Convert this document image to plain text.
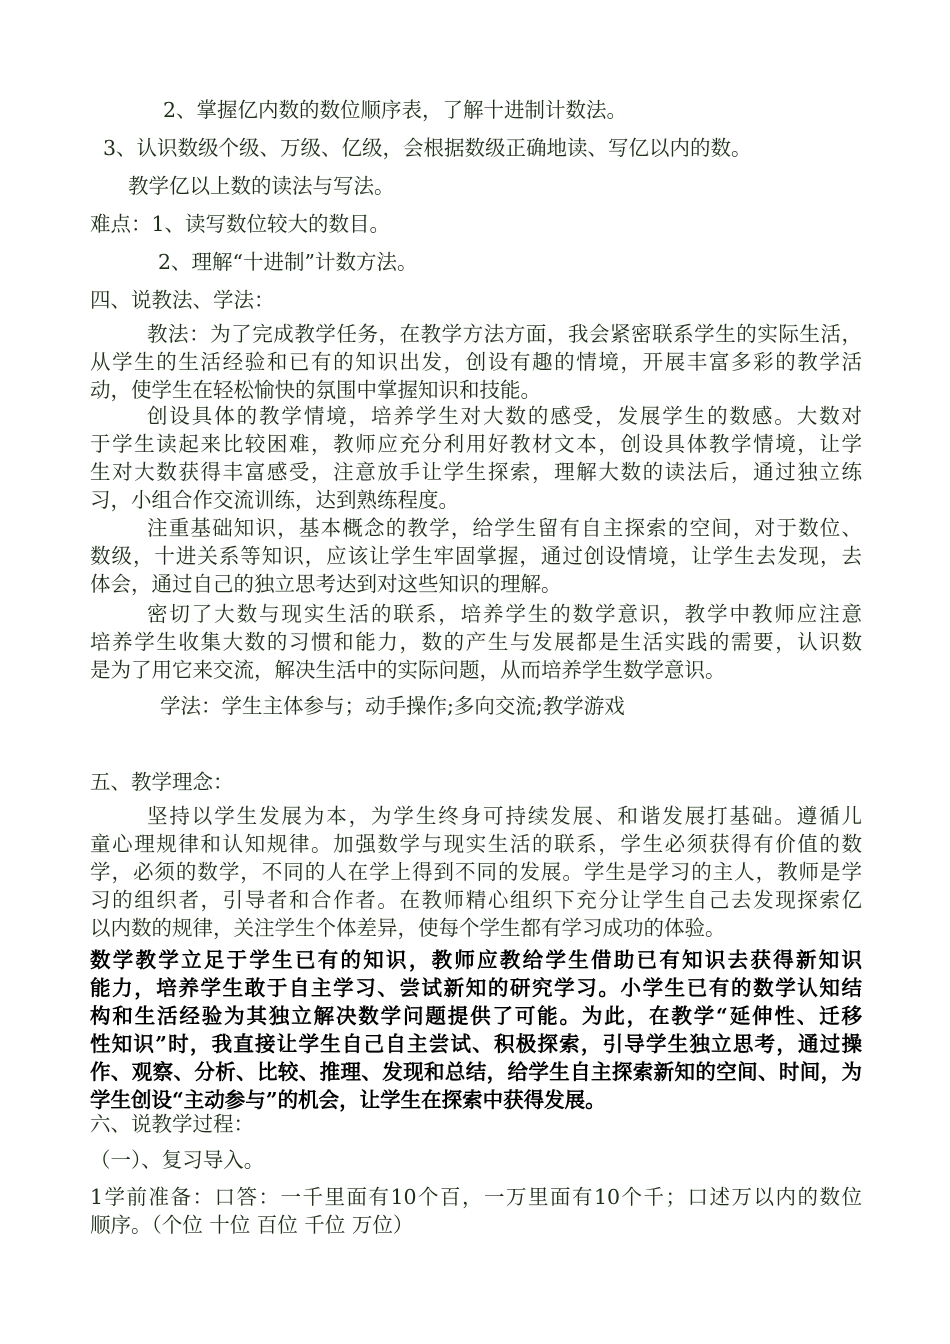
2、掌握亿内数的数位顺序表，了解十进制计数法。
3、认识数级个级、万级、亿级，会根据数级正确地读、写亿以内的数。
教学亿以上数的读法与写法。
难点：1、读写数位较大的数目。
2、理解“十进制”计数方法。
四、说教法、学法：
教法：为了完成教学任务，在教学方法方面，我会紧密联系学生的实际生活，
从学生的生活经验和已有的知识出发，创设有趣的情境，开展丰富多彩的教学活
动，使学生在轻松愉快的氛围中掌握知识和技能。
创设具体的教学情境，培养学生对大数的感受，发展学生的数感。大数对
于学生读起来比较困难，教师应充分利用好教材文本，创设具体教学情境，让学
生对大数获得丰富感受，注意放手让学生探索，理解大数的读法后，通过独立练
习，小组合作交流训练，达到熟练程度。
注重基础知识，基本概念的教学，给学生留有自主探索的空间，对于数位、
数级，十进关系等知识，应该让学生牢固掌握，通过创设情境，让学生去发现，去
体会，通过自己的独立思考达到对这些知识的理解。
密切了大数与现实生活的联系，培养学生的数学意识，教学中教师应注意
培养学生收集大数的习惯和能力，数的产生与发展都是生活实践的需要，认识数
是为了用它来交流，解决生活中的实际问题，从而培养学生数学意识。
学法：学生主体参与；动手操作;多向交流;教学游戏
五、教学理念：
坚持以学生发展为本，为学生终身可持续发展、和谐发展打基础。遵循儿
童心理规律和认知规律。加强数学与现实生活的联系，学生必须获得有价值的数
学，必须的数学，不同的人在学上得到不同的发展。学生是学习的主人，教师是学
习的组织者，引导者和合作者。在教师精心组织下充分让学生自己去发现探索亿
以内数的规律，关注学生个体差异，使每个学生都有学习成功的体验。
数学教学立足于学生已有的知识，教师应教给学生借助已有知识去获得新知识
能力，培养学生敢于自主学习、尝试新知的研究学习。小学生已有的数学认知结
构和生活经验为其独立解决数学问题提供了可能。为此，在教学“延伸性、迁移
性知识”时，我直接让学生自己自主尝试、积极探索，引导学生独立思考，通过操
作、观察、分析、比较、推理、发现和总结，给学生自主探索新知的空间、时间，为
学生创设“主动参与”的机会，让学生在探索中获得发展。
六、说教学过程：
（一）、复习导入。
1学前准备：口答：一千里面有10个百，一万里面有10个千；口述万以内的数位
顺序。（个位 十位 百位 千位 万位）
